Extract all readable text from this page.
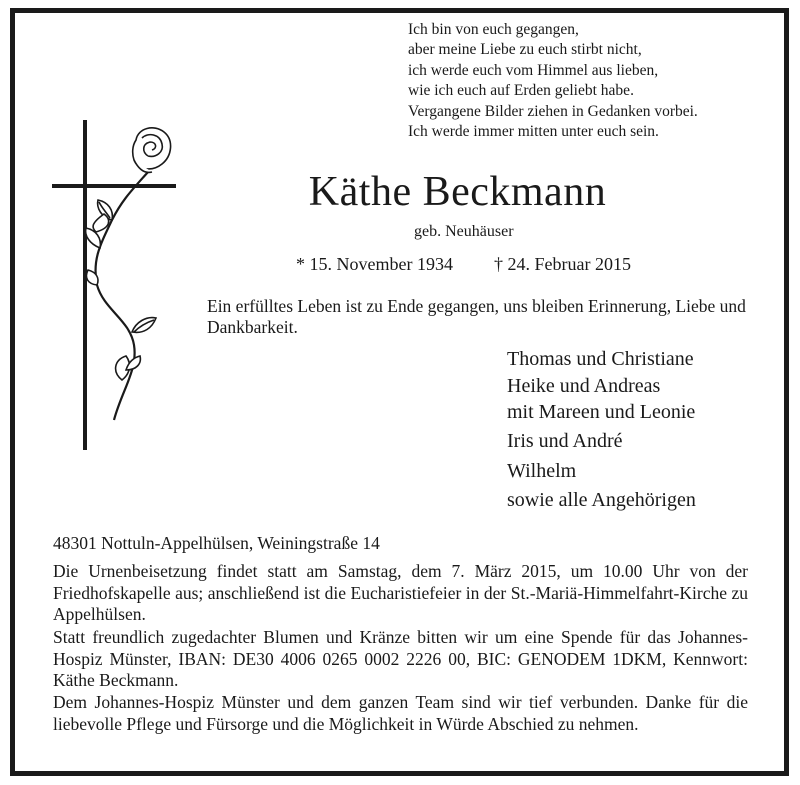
Ich bin von euch gegangen,
aber meine Liebe zu euch stirbt nicht,
ich werde euch vom Himmel aus lieben,
wie ich euch auf Erden geliebt habe.
Vergangene Bilder ziehen in Gedanken vorbei.
Ich werde immer mitten unter euch sein.
Käthe Beckmann
geb. Neuhäuser
* 15. November 1934 † 24. Februar 2015
Ein erfülltes Leben ist zu Ende gegangen, uns bleiben Erinnerung, Liebe und Dankbarkeit.
Thomas und Christiane
Heike und Andreas
mit Mareen und Leonie
Iris und André
Wilhelm
sowie alle Angehörigen
48301 Nottuln-Appelhülsen, Weiningstraße 14
Die Urnenbeisetzung findet statt am Samstag, dem 7. März 2015, um 10.00 Uhr von der Friedhofskapelle aus; anschließend ist die Eucharistiefeier in der St.-Mariä-Himmelfahrt-Kirche zu Appelhülsen.
Statt freundlich zugedachter Blumen und Kränze bitten wir um eine Spende für das Johannes-Hospiz Münster, IBAN: DE30 4006 0265 0002 2226 00, BIC: GENODEM 1DKM, Kennwort: Käthe Beckmann.
Dem Johannes-Hospiz Münster und dem ganzen Team sind wir tief verbunden. Danke für die liebevolle Pflege und Fürsorge und die Möglichkeit in Würde Abschied zu nehmen.
